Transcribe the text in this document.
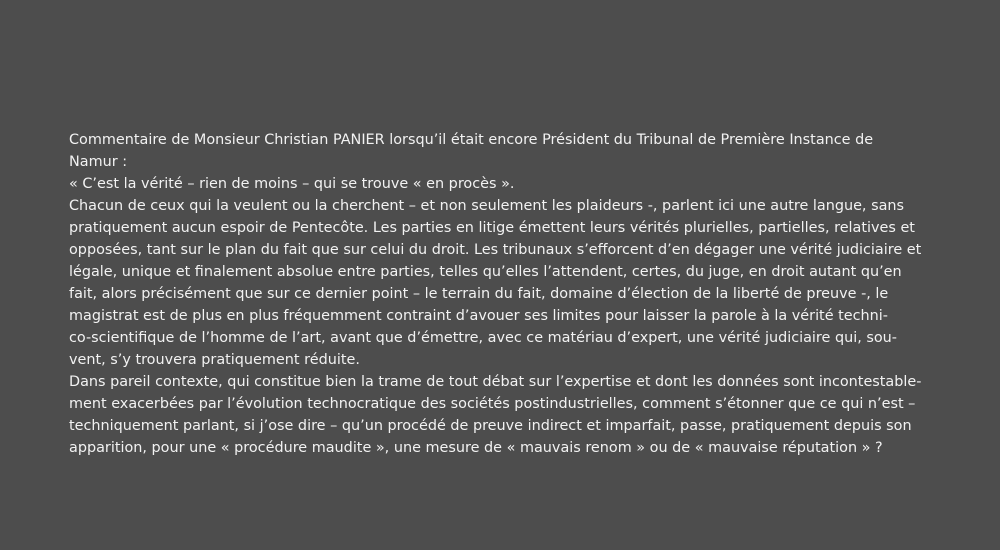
Commentaire de Monsieur Christian PANIER lorsqu’il était encore Président du Tribunal de Première Instance de
Namur :
« C’est la vérité – rien de moins – qui se trouve « en procès ».
Chacun de ceux qui la veulent ou la cherchent – et non seulement les plaideurs -, parlent ici une autre langue, sans
pratiquement aucun espoir de Pentecôte. Les parties en litige émettent leurs vérités plurielles, partielles, relatives et
opposées, tant sur le plan du fait que sur celui du droit. Les tribunaux s’efforcent d’en dégager une vérité judiciaire et
légale, unique et finalement absolue entre parties, telles qu’elles l’attendent, certes, du juge, en droit autant qu’en
fait, alors précisément que sur ce dernier point – le terrain du fait, domaine d’élection de la liberté de preuve -, le
magistrat est de plus en plus fréquemment contraint d’avouer ses limites pour laisser la parole à la vérité techni-
co-scientifique de l’homme de l’art, avant que d’émettre, avec ce matériau d’expert, une vérité judiciaire qui, sou-
vent, s’y trouvera pratiquement réduite.
Dans pareil contexte, qui constitue bien la trame de tout débat sur l’expertise et dont les données sont incontestable-
ment exacerbées par l’évolution technocratique des sociétés postindustrielles, comment s’étonner que ce qui n’est –
techniquement parlant, si j’ose dire – qu’un procédé de preuve indirect et imparfait, passe, pratiquement depuis son
apparition, pour une « procédure maudite », une mesure de « mauvais renom » ou de « mauvaise réputation » ?
